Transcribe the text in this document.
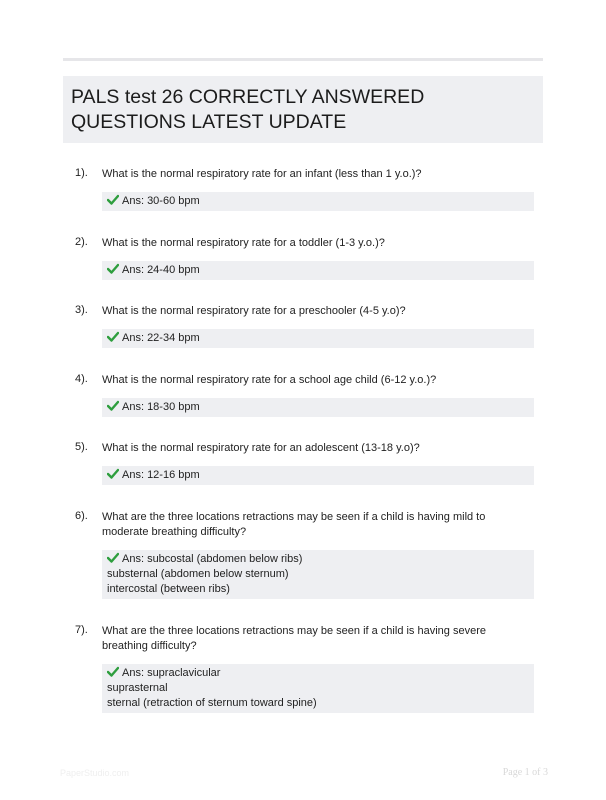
PALS test 26 CORRECTLY ANSWERED QUESTIONS LATEST UPDATE
1). What is the normal respiratory rate for an infant (less than 1 y.o.)?
Ans: 30-60 bpm
2). What is the normal respiratory rate for a toddler (1-3 y.o.)?
Ans: 24-40 bpm
3). What is the normal respiratory rate for a preschooler (4-5 y.o)?
Ans: 22-34 bpm
4). What is the normal respiratory rate for a school age child (6-12 y.o.)?
Ans: 18-30 bpm
5). What is the normal respiratory rate for an adolescent (13-18 y.o)?
Ans: 12-16 bpm
6). What are the three locations retractions may be seen if a child is having mild to moderate breathing difficulty?
Ans: subcostal (abdomen below ribs)
substernal (abdomen below sternum)
intercostal (between ribs)
7). What are the three locations retractions may be seen if a child is having severe breathing difficulty?
Ans: supraclavicular
suprasternal
sternal (retraction of sternum toward spine)
PaperStudio.com	Page 1 of 3
